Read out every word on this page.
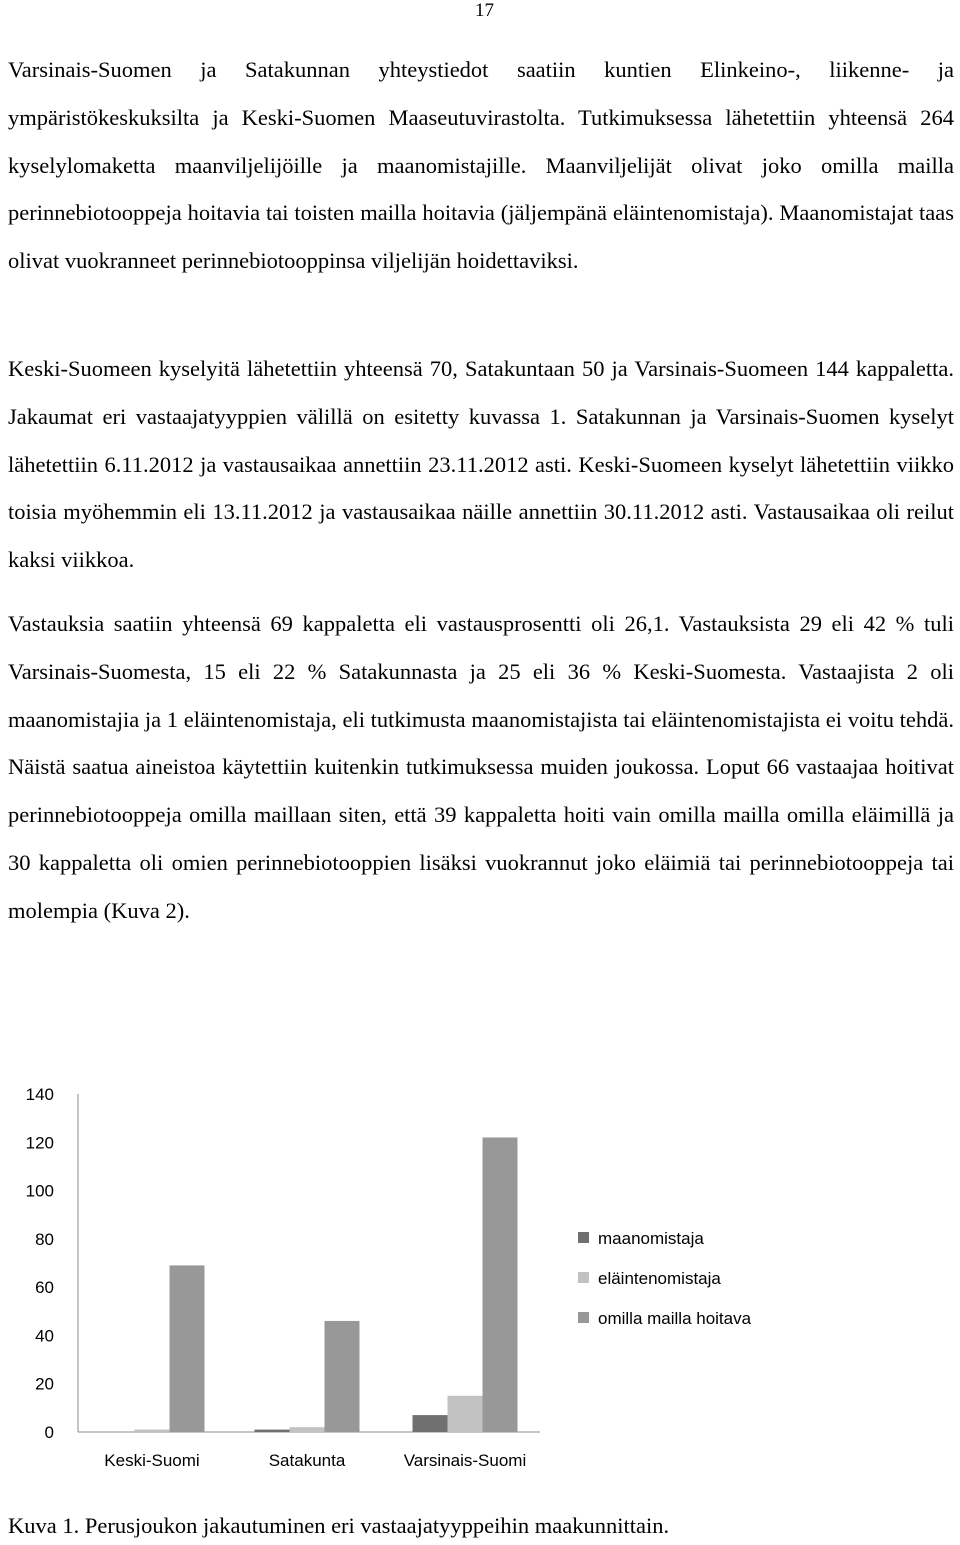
17

Varsinais-Suomen ja Satakunnan yhteystiedot saatiin kuntien Elinkeino-, liikenne- ja ympäristökeskuksilta ja Keski-Suomen Maaseutuvirastolta. Tutkimuksessa lähetettiin yhteensä 264 kyselylomaketta maanviljelijöille ja maanomistajille. Maanviljelijät olivat joko omilla mailla perinnebiotooppeja hoitavia tai toisten mailla hoitavia (jäljempänä eläintenomistaja). Maanomistajat taas olivat vuokranneet perinnebiotooppinsa viljelijän hoidettaviksi.

Keski-Suomeen kyselyitä lähetettiin yhteensä 70, Satakuntaan 50 ja Varsinais-Suomeen 144 kappaletta. Jakaumat eri vastaajatyyppien välillä on esitetty kuvassa 1. Satakunnan ja Varsinais-Suomen kyselyt lähetettiin 6.11.2012 ja vastausaikaa annettiin 23.11.2012 asti. Keski-Suomeen kyselyt lähetettiin viikko toisia myöhemmin eli 13.11.2012 ja vastausaikaa näille annettiin 30.11.2012 asti. Vastausaikaa oli reilut kaksi viikkoa.

Vastauksia saatiin yhteensä 69 kappaletta eli vastausprosentti oli 26,1. Vastauksista 29 eli 42 % tuli Varsinais-Suomesta, 15 eli 22 % Satakunnasta ja 25 eli 36 % Keski-Suomesta. Vastaajista 2 oli maanomistajia ja 1 eläintenomistaja, eli tutkimusta maanomistajista tai eläintenomistajista ei voitu tehdä. Näistä saatua aineistoa käytettiin kuitenkin tutkimuksessa muiden joukossa. Loput 66 vastaajaa hoitivat perinnebiotooppeja omilla maillaan siten, että 39 kappaletta hoiti vain omilla mailla omilla eläimillä ja 30 kappaletta oli omien perinnebiotooppien lisäksi vuokrannut joko eläimiä tai perinnebiotooppeja tai molempia (Kuva 2).

0
20
40
60
80
100
120
140
Keski-Suomi	Satakunta	Varsinais-Suomi
maanomistaja
eläintenomistaja
omilla mailla hoitava
Kuva 1. Perusjoukon jakautuminen eri vastaajatyyppeihin maakunnittain.
